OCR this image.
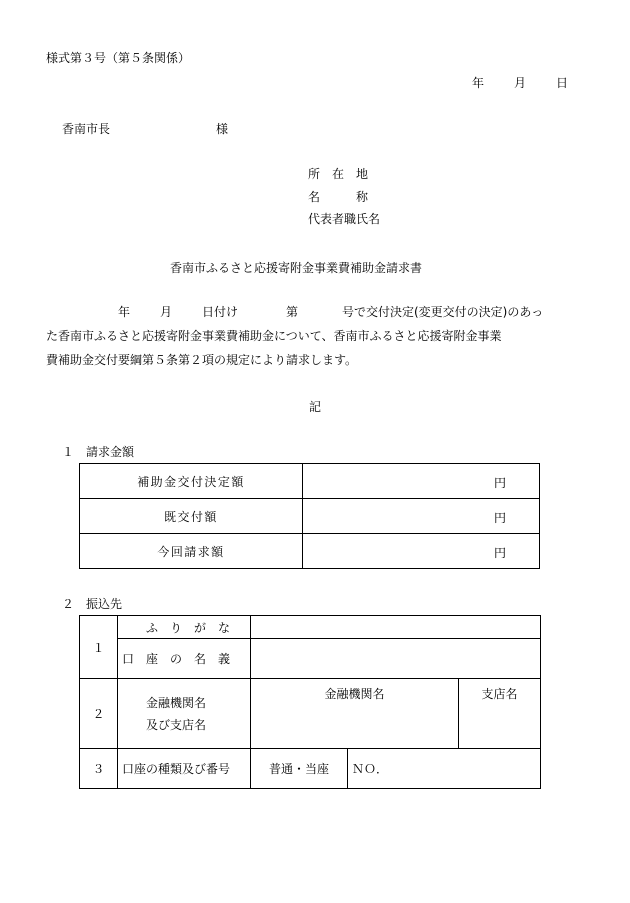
様式第３号（第５条関係）
年 月 日
香南市長	様
所　在　地
名　　　称
代表者職氏名
香南市ふるさと応援寄附金事業費補助金請求書
年 月 日付け	第	号で交付決定(変更交付の決定)のあっ
た香南市ふるさと応援寄附金事業費補助金について、香南市ふるさと応援寄附金事業
費補助金交付要綱第５条第２項の規定により請求します。
記
１　請求金額
補助金交付決定額	円

既交付額	円

今回請求額	円
２　振込先
１	ふ　り　が　な			
	口　座　の　名　義			
２	金融機関名
及び支店名	金融機関名		支店名
３	口座の種類及び番号	普通・当座	ＮＯ．	
